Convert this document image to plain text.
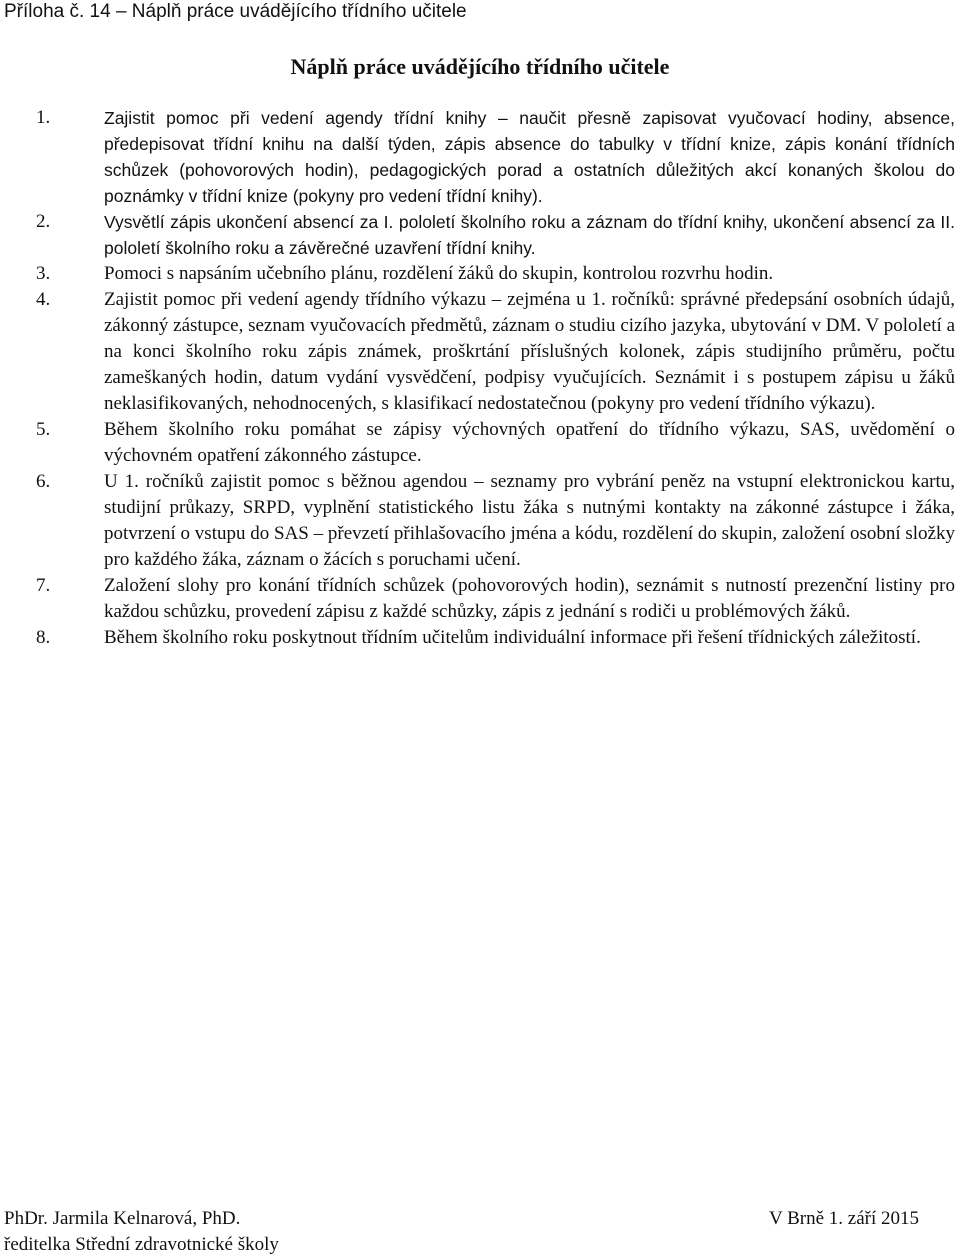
Příloha č. 14 – Náplň práce uvádějícího třídního učitele
Náplň práce uvádějícího třídního učitele
1.	Zajistit pomoc při vedení agendy třídní knihy – naučit přesně zapisovat vyučovací hodiny, absence, předepisovat třídní knihu na další týden, zápis absence do tabulky v třídní knize, zápis konání třídních schůzek (pohovorových hodin), pedagogických porad a ostatních důležitých akcí konaných školou do poznámky v třídní knize (pokyny pro vedení třídní knihy).
2.	Vysvětlí zápis ukončení absencí za I. pololetí školního roku a záznam do třídní knihy, ukončení absencí za II. pololetí školního roku a závěrečné uzavření třídní knihy.
3.	Pomoci s napsáním učebního plánu, rozdělení žáků do skupin, kontrolou rozvrhu hodin.
4.	Zajistit pomoc při vedení agendy třídního výkazu – zejména u 1. ročníků: správné předepsání osobních údajů, zákonný zástupce, seznam vyučovacích předmětů, záznam o studiu cizího jazyka, ubytování v DM. V pololetí a na konci školního roku zápis známek, proškrtání příslušných kolonek, zápis studijního průměru, počtu zameškaných hodin, datum vydání vysvědčení, podpisy vyučujících. Seznámit i s postupem zápisu u žáků neklasifikovaných, nehodnocených, s klasifikací nedostatečnou (pokyny pro vedení třídního výkazu).
5.	Během školního roku pomáhat se zápisy výchovných opatření do třídního výkazu, SAS, uvědomění o výchovném opatření zákonného zástupce.
6.	U 1. ročníků zajistit pomoc s běžnou agendou – seznamy pro vybrání peněz na vstupní elektronickou kartu, studijní průkazy, SRPD, vyplnění statistického listu žáka s nutnými kontakty na zákonné zástupce i žáka, potvrzení o vstupu do SAS – převzetí přihlašovacího jména a kódu, rozdělení do skupin, založení osobní složky pro každého žáka, záznam o žácích s poruchami učení.
7.	Založení slohy pro konání třídních schůzek (pohovorových hodin), seznámit s nutností prezenční listiny pro každou schůzku, provedení zápisu z každé schůzky, zápis z jednání s rodiči u problémových žáků.
8.	Během školního roku poskytnout třídním učitelům individuální informace při řešení třídnických záležitostí.
PhDr. Jarmila Kelnarová, PhD.
ředitelka Střední zdravotnické školy
V Brně 1. září 2015
